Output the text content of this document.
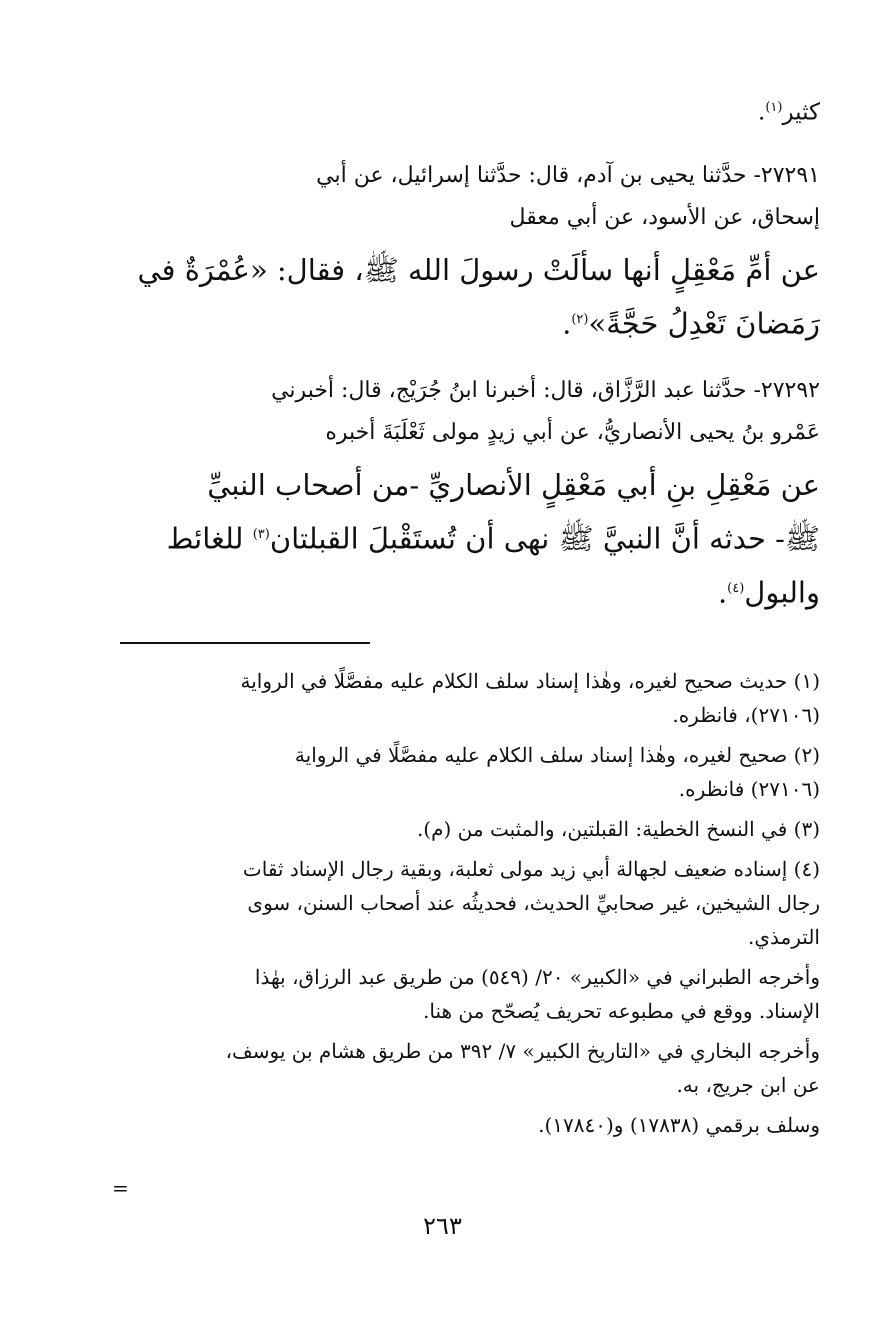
كثير$^{(١)}$.
٢٧٢٩١- حدَّثنا يحيى بن آدم، قال: حدَّثنا إسرائيل، عن أبي
إسحاق، عن الأسود، عن أبي معقل
عن أمِّ مَعْقِلٍ أنها سألَتْ رسولَ الله ﷺ، فقال: «عُمْرَةٌ في
رَمَضانَ تَعْدِلُ حَجَّةً»$^{(٢)}$.
٢٧٢٩٢- حدَّثنا عبد الرَّزَّاق، قال: أخبرنا ابنُ جُرَيْج، قال: أخبرني
عَمْرو بنُ يحيى الأنصاريُّ، عن أبي زيدٍ مولى ثَعْلَبَةَ أخبره
عن مَعْقِلِ بنِ أبي مَعْقِلٍ الأنصاريِّ -من أصحاب النبيِّ
ﷺ- حدثه أنَّ النبيَّ ﷺ نهى أن تُستَقْبلَ القبلتان$^{(٣)}$ للغائط
والبول$^{(٤)}$.

(١) حديث صحيح لغيره، وهٰذا إسناد سلف الكلام عليه مفصَّلًا في الرواية
(٢٧١٠٦)، فانظره.

(٢) صحيح لغيره، وهٰذا إسناد سلف الكلام عليه مفصَّلًا في الرواية
(٢٧١٠٦) فانظره.

(٣) في النسخ الخطية: القبلتين، والمثبت من (م).

(٤) إسناده ضعيف لجهالة أبي زيد مولى ثعلبة، وبقية رجال الإسناد ثقات
رجال الشيخين، غير صحابيِّ الحديث، فحديثُه عند أصحاب السنن، سوى
الترمذي.

وأخرجه الطبراني في «الكبير» ٢٠/ (٥٤٩) من طريق عبد الرزاق، بهٰذا
الإسناد. ووقع في مطبوعه تحريف يُصحّح من هنا.

وأخرجه البخاري في «التاريخ الكبير» ٧/ ٣٩٢ من طريق هشام بن يوسف،
عن ابن جريج، به.

وسلف برقمي (١٧٨٣٨) و(١٧٨٤٠).

=
٢٦٣
